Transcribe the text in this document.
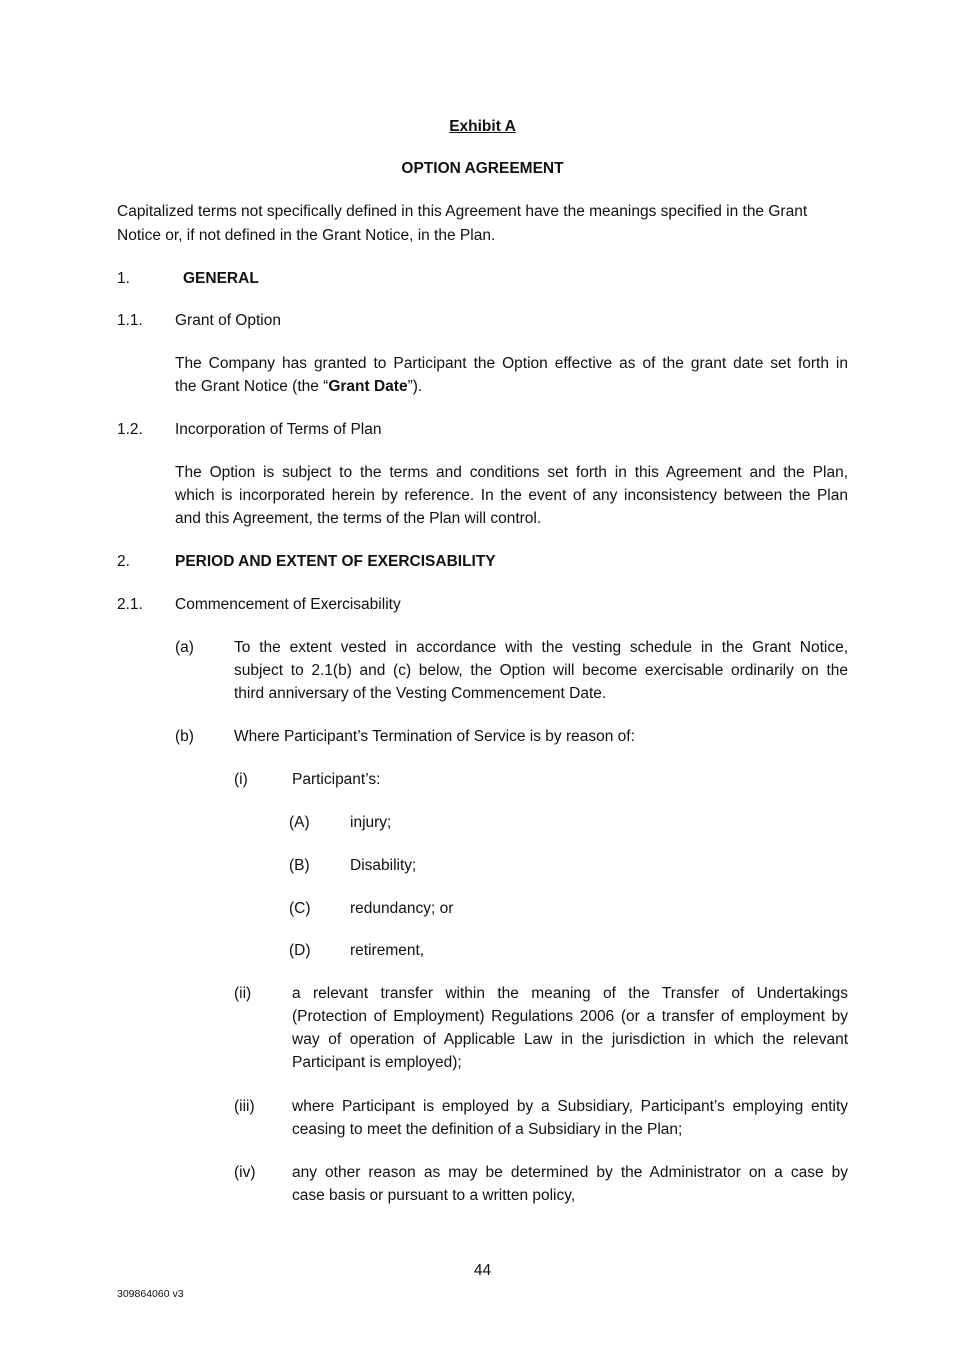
Exhibit A
OPTION AGREEMENT
Capitalized terms not specifically defined in this Agreement have the meanings specified in the Grant
Notice or, if not defined in the Grant Notice, in the Plan.
1.	GENERAL
1.1. Grant of Option
The Company has granted to Participant the Option effective as of the grant date set forth in
the Grant Notice (the “Grant Date”).
1.2. Incorporation of Terms of Plan
The Option is subject to the terms and conditions set forth in this Agreement and the Plan,
which is incorporated herein by reference. In the event of any inconsistency between the Plan
and this Agreement, the terms of the Plan will control.
2.	PERIOD AND EXTENT OF EXERCISABILITY
2.1. Commencement of Exercisability
(a)	To the extent vested in accordance with the vesting schedule in the Grant Notice,
subject to 2.1(b) and (c) below, the Option will become exercisable ordinarily on the
third anniversary of the Vesting Commencement Date.
(b)	Where Participant’s Termination of Service is by reason of:
(i)	Participant’s:
(A)	injury;
(B)	Disability;
(C)	redundancy; or
(D)	retirement,
(ii)	a relevant transfer within the meaning of the Transfer of Undertakings
(Protection of Employment) Regulations 2006 (or a transfer of employment by
way of operation of Applicable Law in the jurisdiction in which the relevant
Participant is employed);
(iii) where Participant is employed by a Subsidiary, Participant’s employing entity
ceasing to meet the definition of a Subsidiary in the Plan;
(iv) any other reason as may be determined by the Administrator on a case by
case basis or pursuant to a written policy,
44
309864060 v3
